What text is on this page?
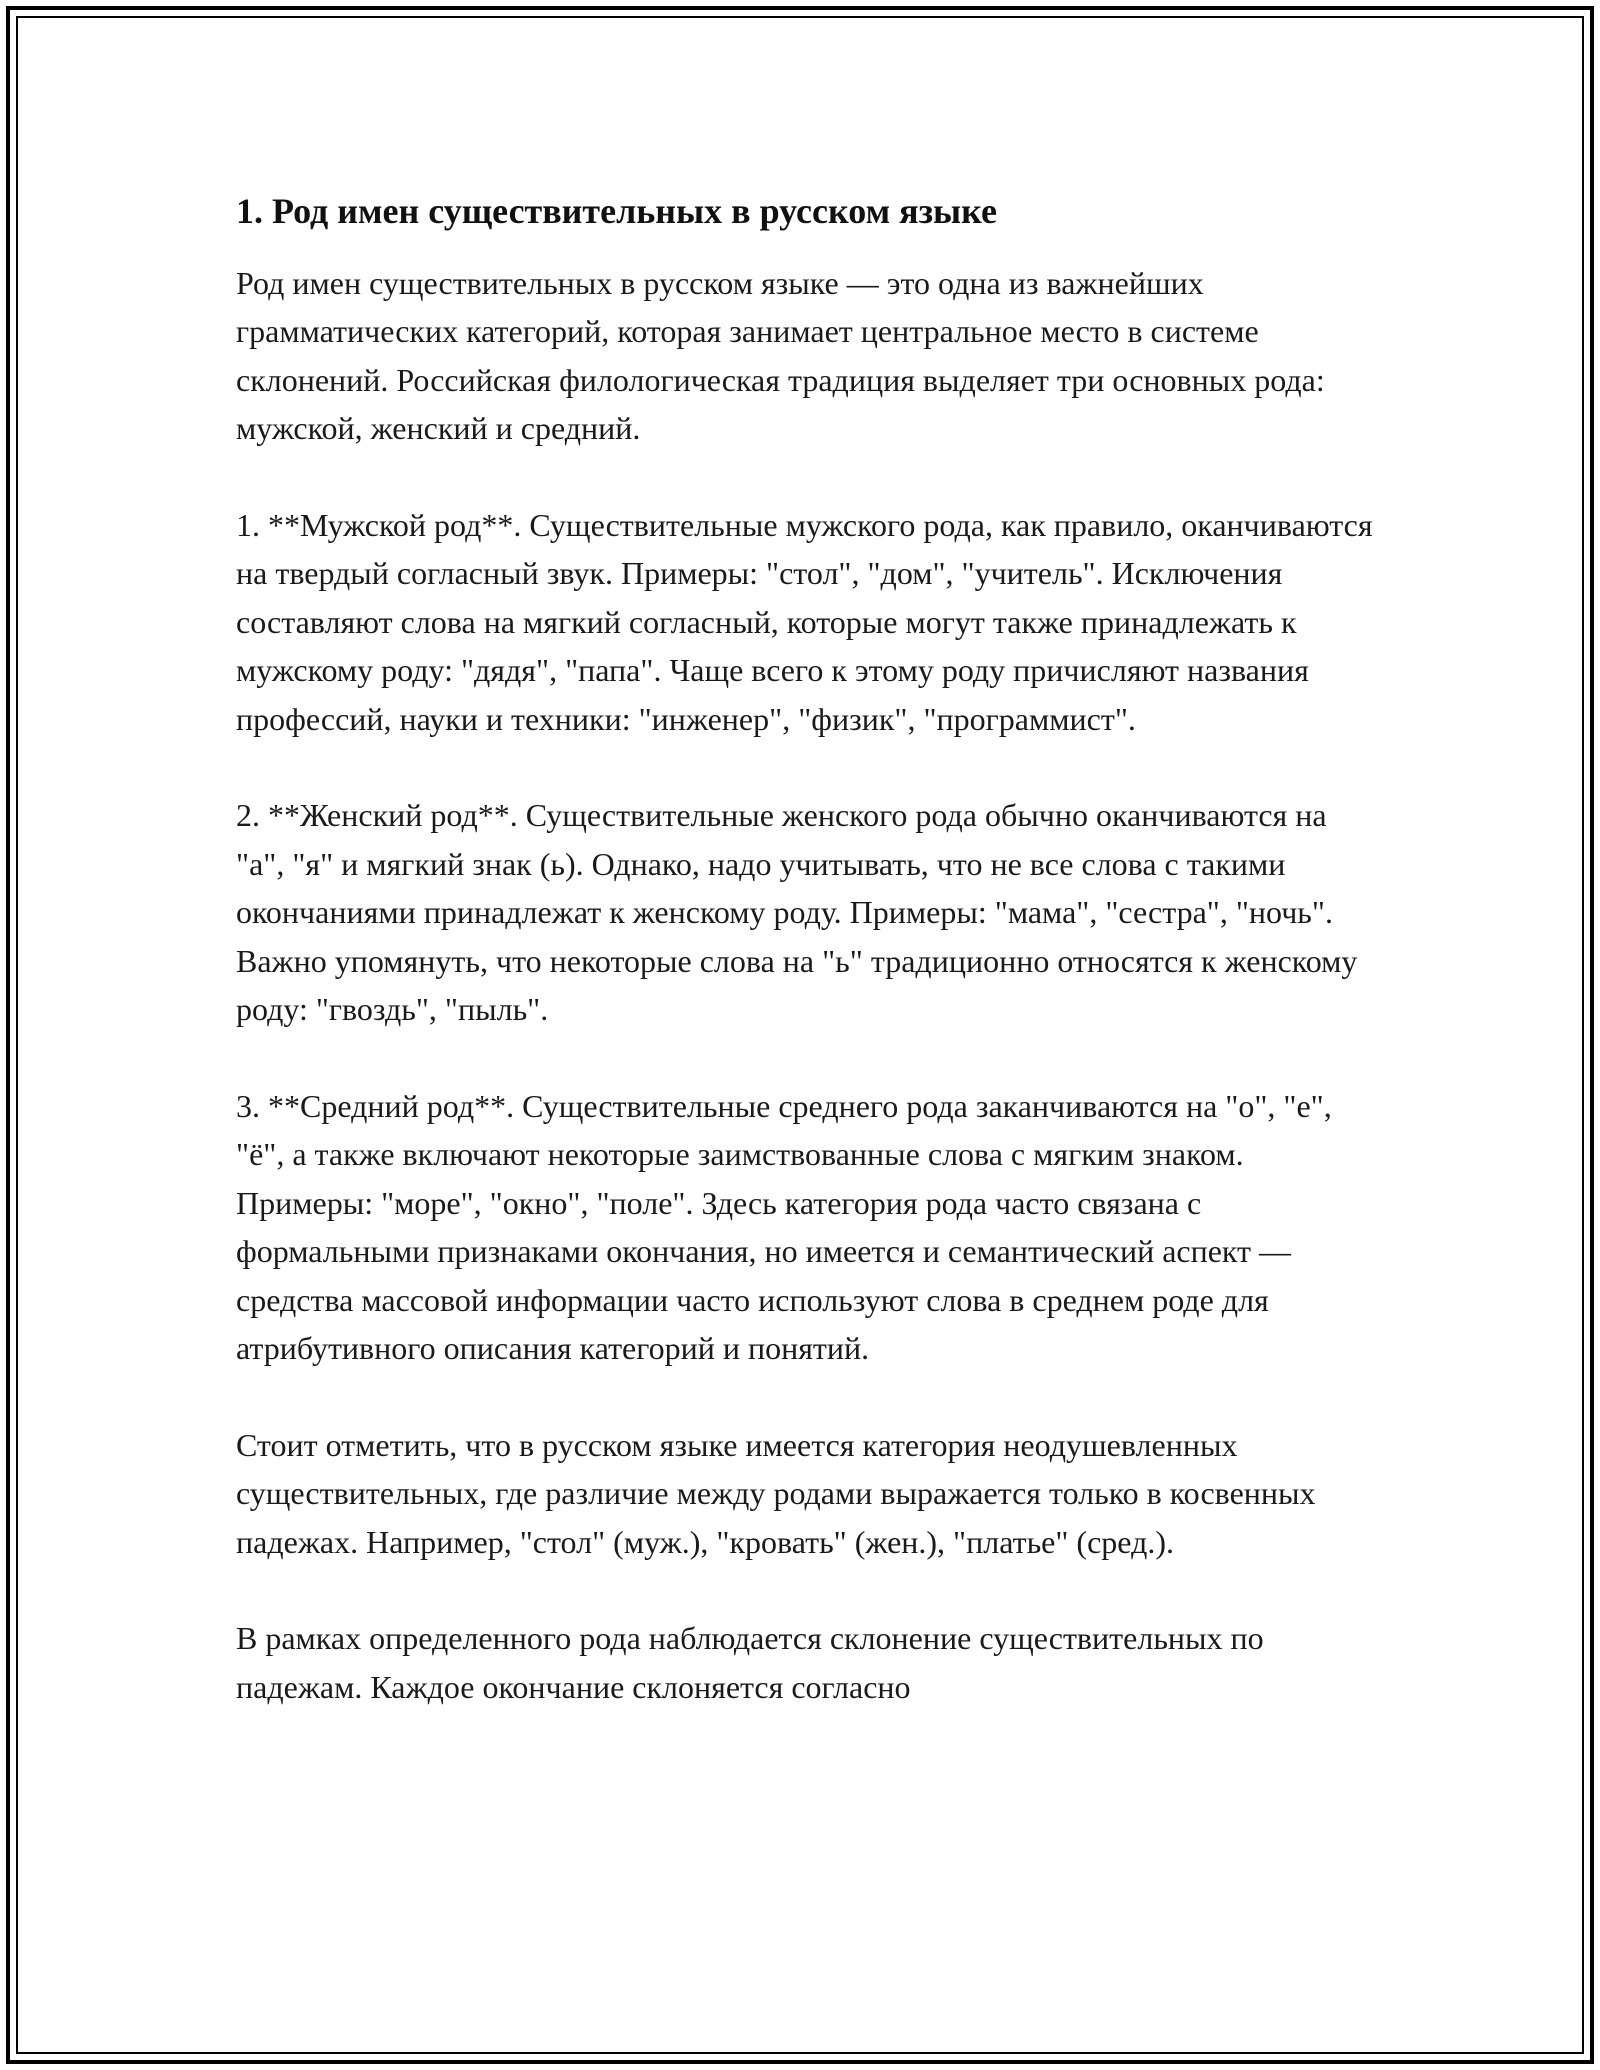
1. Род имен существительных в русском языке

Род имен существительных в русском языке — это одна из важнейших грамматических категорий, которая занимает центральное место в системе склонений. Российская филологическая традиция выделяет три основных рода: мужской, женский и средний.

1. **Мужской род**. Существительные мужского рода, как правило, оканчиваются на твердый согласный звук. Примеры: "стол", "дом", "учитель". Исключения составляют слова на мягкий согласный, которые могут также принадлежать к мужскому роду: "дядя", "папа". Чаще всего к этому роду причисляют названия профессий, науки и техники: "инженер", "физик", "программист".

2. **Женский род**. Существительные женского рода обычно оканчиваются на "а", "я" и мягкий знак (ь). Однако, надо учитывать, что не все слова с такими окончаниями принадлежат к женскому роду. Примеры: "мама", "сестра", "ночь". Важно упомянуть, что некоторые слова на "ь" традиционно относятся к женскому роду: "гвоздь", "пыль".

3. **Средний род**. Существительные среднего рода заканчиваются на "о", "е", "ё", а также включают некоторые заимствованные слова с мягким знаком. Примеры: "море", "окно", "поле". Здесь категория рода часто связана с формальными признаками окончания, но имеется и семантический аспект — средства массовой информации часто используют слова в среднем роде для атрибутивного описания категорий и понятий.

Стоит отметить, что в русском языке имеется категория неодушевленных существительных, где различие между родами выражается только в косвенных падежах. Например, "стол" (муж.), "кровать" (жен.), "платье" (сред.).

В рамках определенного рода наблюдается склонение существительных по падежам. Каждое окончание склоняется согласно
